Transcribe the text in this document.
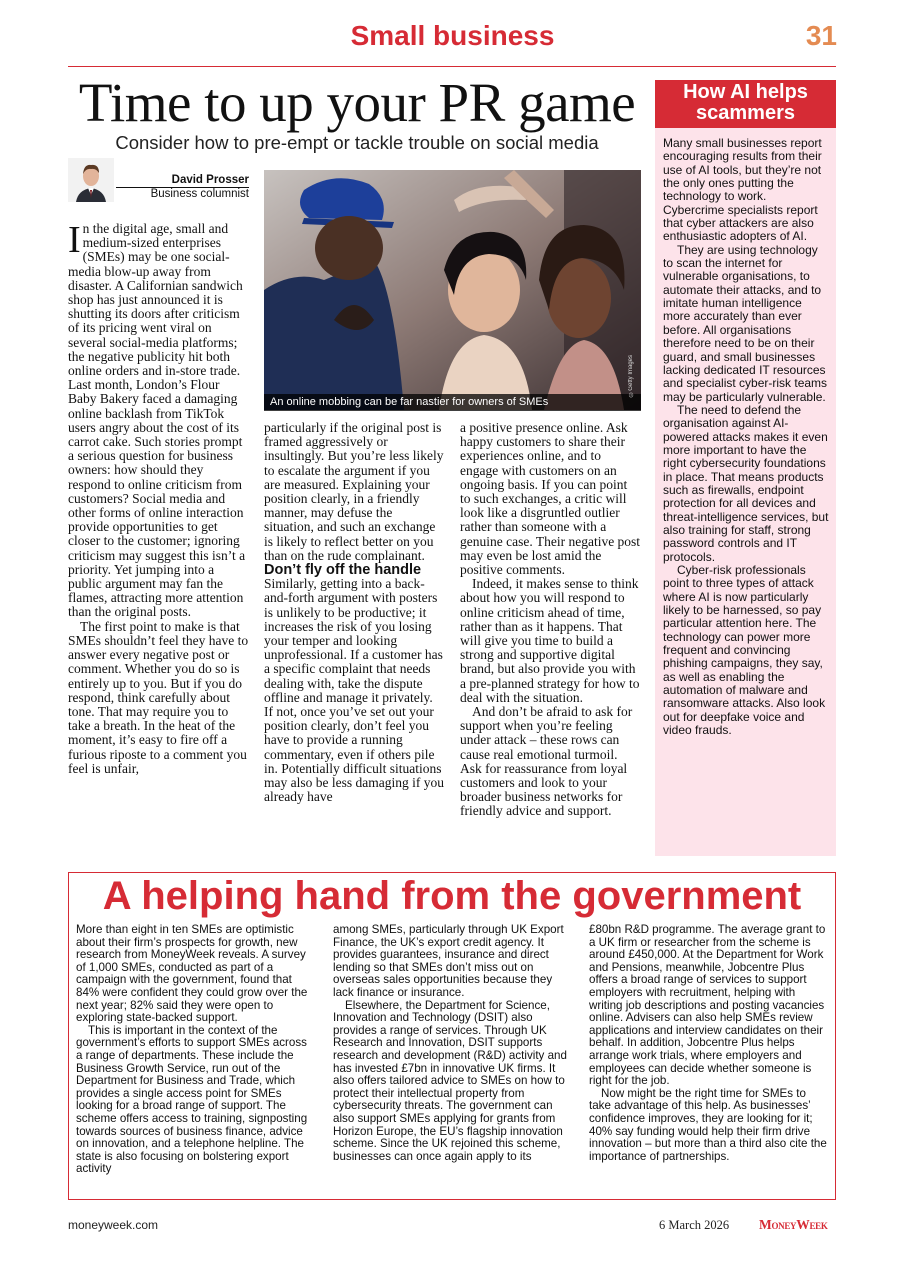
Small business	31
Time to up your PR game
Consider how to pre-empt or tackle trouble on social media
David Prosser
Business columnist

In the digital age, small and medium-sized enterprises (SMEs) may be one social-media blow-up away from disaster. A Californian sandwich shop has just announced it is shutting its doors after criticism of its pricing went viral on several social-media platforms; the negative publicity hit both online orders and in-store trade. Last month, London’s Flour Baby Bakery faced a damaging online backlash from TikTok users angry about the cost of its carrot cake. Such stories prompt a serious question for business owners: how should they respond to online criticism from customers? Social media and other forms of online interaction provide opportunities to get closer to the customer; ignoring criticism may suggest this isn’t a priority. Yet jumping into a public argument may fan the flames, attracting more attention than the original posts.

The first point to make is that SMEs shouldn’t feel they have to answer every negative post or comment. Whether you do so is entirely up to you. But if you do respond, think carefully about tone. That may require you to take a breath. In the heat of the moment, it’s easy to fire off a furious riposte to a comment you feel is unfair,

An online mobbing can be far nastier for owners of SMEs
©Getty Images

particularly if the original post is framed aggressively or insultingly. But you’re less likely to escalate the argument if you are measured. Explaining your position clearly, in a friendly manner, may defuse the situation, and such an exchange is likely to reflect better on you than on the rude complainant.

Don’t fly off the handle

Similarly, getting into a back-and-forth argument with posters is unlikely to be productive; it increases the risk of you losing your temper and looking unprofessional. If a customer has a specific complaint that needs dealing with, take the dispute offline and manage it privately. If not, once you’ve set out your position clearly, don’t feel you have to provide a running commentary, even if others pile in. Potentially difficult situations may also be less damaging if you already have

a positive presence online. Ask happy customers to share their experiences online, and to engage with customers on an ongoing basis. If you can point to such exchanges, a critic will look like a disgruntled outlier rather than someone with a genuine case. Their negative post may even be lost amid the positive comments.

Indeed, it makes sense to think about how you will respond to online criticism ahead of time, rather than as it happens. That will give you time to build a strong and supportive digital brand, but also provide you with a pre-planned strategy for how to deal with the situation.

And don’t be afraid to ask for support when you’re feeling under attack – these rows can cause real emotional turmoil. Ask for reassurance from loyal customers and look to your broader business networks for friendly advice and support.

How AI helps scammers

Many small businesses report encouraging results from their use of AI tools, but they’re not the only ones putting the technology to work. Cybercrime specialists report that cyber attackers are also enthusiastic adopters of AI.

They are using technology to scan the internet for vulnerable organisations, to automate their attacks, and to imitate human intelligence more accurately than ever before. All organisations therefore need to be on their guard, and small businesses lacking dedicated IT resources and specialist cyber-risk teams may be particularly vulnerable.

The need to defend the organisation against AI-powered attacks makes it even more important to have the right cybersecurity foundations in place. That means products such as firewalls, endpoint protection for all devices and threat-intelligence services, but also training for staff, strong password controls and IT protocols.

Cyber-risk professionals point to three types of attack where AI is now particularly likely to be harnessed, so pay particular attention here. The technology can power more frequent and convincing phishing campaigns, they say, as well as enabling the automation of malware and ransomware attacks. Also look out for deepfake voice and video frauds.

A helping hand from the government

More than eight in ten SMEs are optimistic about their firm’s prospects for growth, new research from MoneyWeek reveals. A survey of 1,000 SMEs, conducted as part of a campaign with the government, found that 84% were confident they could grow over the next year; 82% said they were open to exploring state-backed support.

This is important in the context of the government’s efforts to support SMEs across a range of departments. These include the Business Growth Service, run out of the Department for Business and Trade, which provides a single access point for SMEs looking for a broad range of support. The scheme offers access to training, signposting towards sources of business finance, advice on innovation, and a telephone helpline. The state is also focusing on bolstering export activity

among SMEs, particularly through UK Export Finance, the UK’s export credit agency. It provides guarantees, insurance and direct lending so that SMEs don’t miss out on overseas sales opportunities because they lack finance or insurance.

Elsewhere, the Department for Science, Innovation and Technology (DSIT) also provides a range of services. Through UK Research and Innovation, DSIT supports research and development (R&D) activity and has invested £7bn in innovative UK firms. It also offers tailored advice to SMEs on how to protect their intellectual property from cybersecurity threats. The government can also support SMEs applying for grants from Horizon Europe, the EU’s flagship innovation scheme. Since the UK rejoined this scheme, businesses can once again apply to its

£80bn R&D programme. The average grant to a UK firm or researcher from the scheme is around £450,000. At the Department for Work and Pensions, meanwhile, Jobcentre Plus offers a broad range of services to support employers with recruitment, helping with writing job descriptions and posting vacancies online. Advisers can also help SMEs review applications and interview candidates on their behalf. In addition, Jobcentre Plus helps arrange work trials, where employers and employees can decide whether someone is right for the job.

Now might be the right time for SMEs to take advantage of this help. As businesses’ confidence improves, they are looking for it; 40% say funding would help their firm drive innovation – but more than a third also cite the importance of partnerships.

moneyweek.com	6 March 2026 MoneyWeek
